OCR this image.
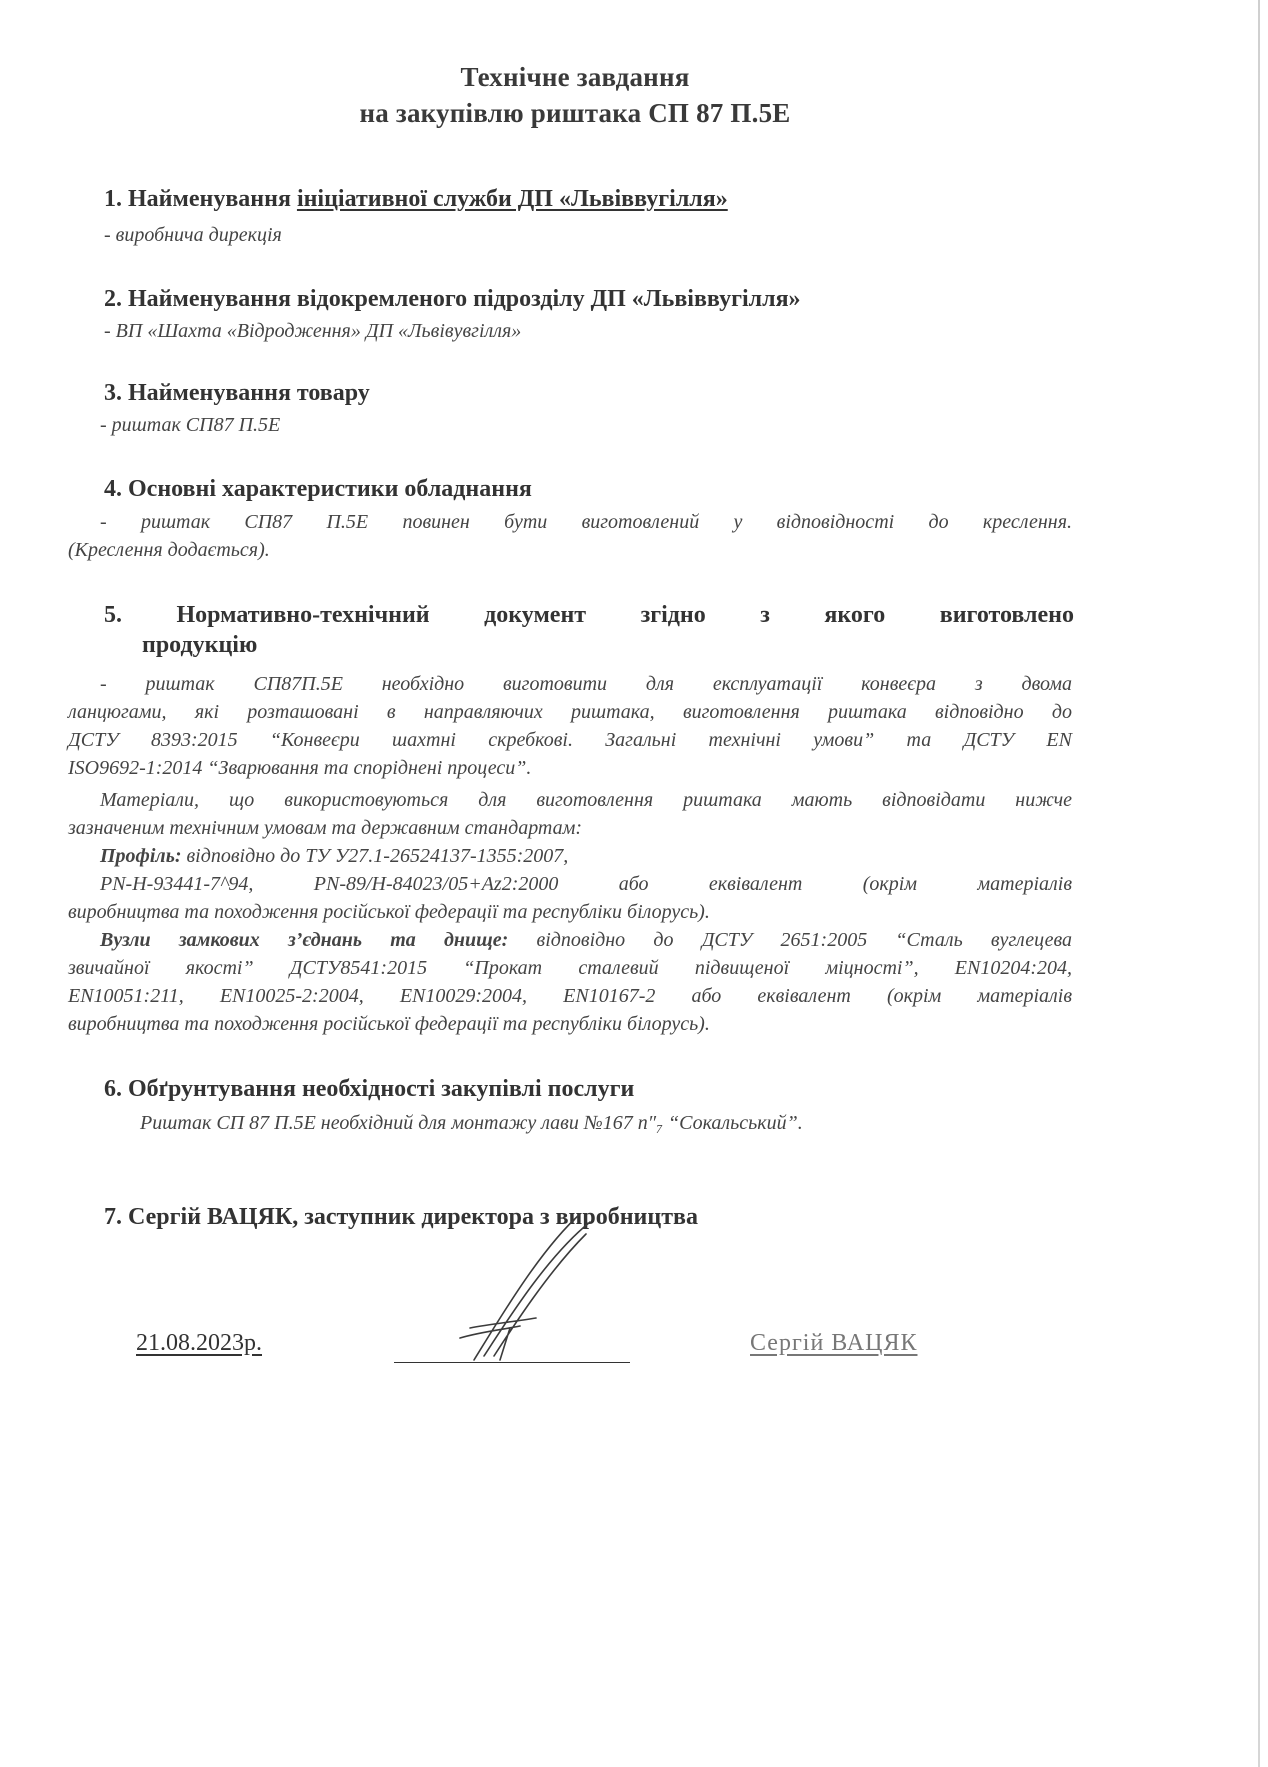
Технічне завдання
на закупівлю риштака СП 87 П.5Е
1. Найменування ініціативної служби ДП «Львіввугілля»
- виробнича дирекція
2. Найменування відокремленого підрозділу ДП «Львіввугілля»
- ВП «Шахта «Відродження» ДП «Львівувгілля»
3. Найменування товару
- риштак СП87 П.5Е
4. Основні характеристики обладнання
- риштак СП87 П.5Е повинен бути виготовлений у відповідності до креслення.
(Креслення додається).
5. Нормативно-технічний документ згідно з якого виготовлено
продукцію
- риштак СП87П.5Е необхідно виготовити для експлуатації конвеєра з двома
ланцюгами, які розташовані в направляючих риштака, виготовлення риштака відповідно до
ДСТУ 8393:2015 “Конвеєри шахтні скребкові. Загальні технічні умови” та ДСТУ EN
ISO9692-1:2014 “Зварювання та споріднені процеси”.
Матеріали, що використовуються для виготовлення риштака мають відповідати нижче
зазначеним технічним умовам та державним стандартам:
Профіль: відповідно до ТУ У27.1-26524137-1355:2007,
PN-H-93441-7^94, PN-89/H-84023/05+Az2:2000 або еквівалент (окрім матеріалів
виробництва та походження російської федерації та республіки білорусь).
Вузли замкових з’єднань та днище: відповідно до ДСТУ 2651:2005 “Сталь вуглецева
звичайної якості” ДСТУ8541:2015 “Прокат сталевий підвищеної міцності”, EN10204:204,
EN10051:211, EN10025-2:2004, EN10029:2004, EN10167-2 або еквівалент (окрім матеріалів
виробництва та походження російської федерації та республіки білорусь).
6. Обґрунтування необхідності закупівлі послуги
Риштак СП 87 П.5Е необхідний для монтажу лави №167 п″₇ “Сокальський”.
7. Сергій ВАЦЯК, заступник директора з виробництва
21.08.2023р.	Сергій ВАЦЯК
